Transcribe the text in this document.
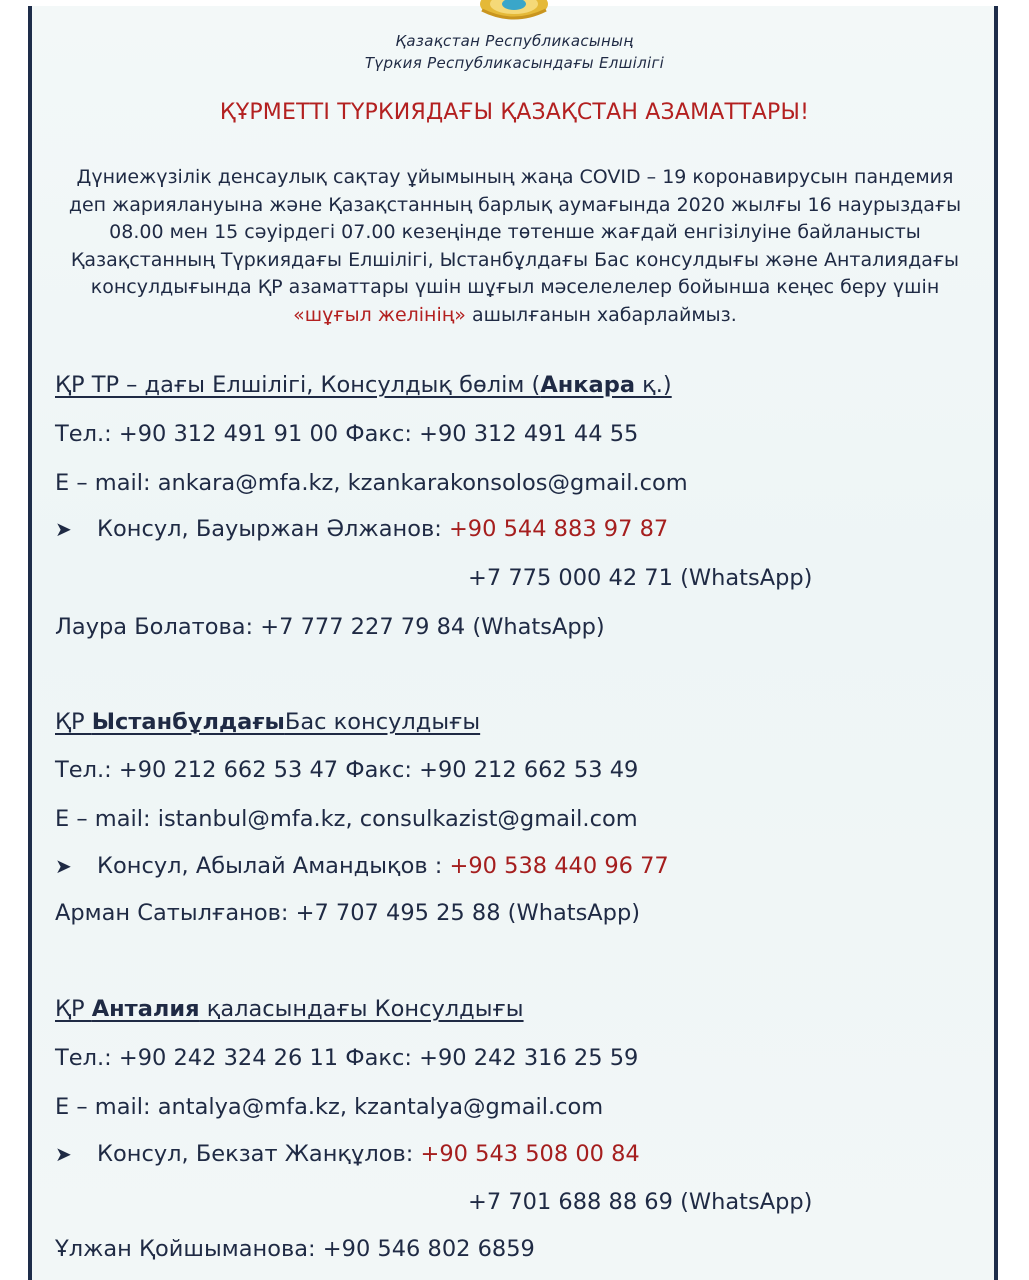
Қазақстан Республикасының
Түркия Республикасындағы Елшілігі
ҚҰРМЕТТІ ТҮРКИЯДАҒЫ ҚАЗАҚСТАН АЗАМАТТАРЫ!
Дүниежүзілік денсаулық сақтау ұйымының жаңа COVID – 19 коронавирусын пандемия деп жариялануына және Қазақстанның барлық аумағында 2020 жылғы 16 наурыздағы 08.00 мен 15 сәуірдегі 07.00 кезеңінде төтенше жағдай енгізілуіне байланысты Қазақстанның Түркиядағы Елшілігі, Ыстанбұлдағы Бас консулдығы және Анталиядағы консулдығында ҚР азаматтары үшін шұғыл мәселелелер бойынша кеңес беру үшін «шұғыл желінің» ашылғанын хабарлаймыз.
ҚР ТР – дағы Елшілігі, Консулдық бөлім (Анкара қ.)
Тел.: +90 312 491 91 00 Факс: +90 312 491 44 55
E – mail: ankara@mfa.kz, kzankarakonsolos@gmail.com
➤ Консул, Бауыржан Әлжанов: +90 544 883 97 87
+7 775 000 42 71 (WhatsApp)
Лаура Болатова: +7 777 227 79 84 (WhatsApp)
ҚР ЫстанбұлдағыБас консулдығы
Тел.: +90 212 662 53 47 Факс: +90 212 662 53 49
E – mail: istanbul@mfa.kz, consulkazist@gmail.com
➤ Консул, Абылай Амандықов : +90 538 440 96 77
Арман Сатылғанов: +7 707 495 25 88 (WhatsApp)
ҚР Анталия қаласындағы Консулдығы
Тел.: +90 242 324 26 11 Факс: +90 242 316 25 59
E – mail: antalya@mfa.kz, kzantalya@gmail.com
➤ Консул, Бекзат Жанқұлов: +90 543 508 00 84
+7 701 688 88 69 (WhatsApp)
Ұлжан Қойшыманова: +90 546 802 6859
